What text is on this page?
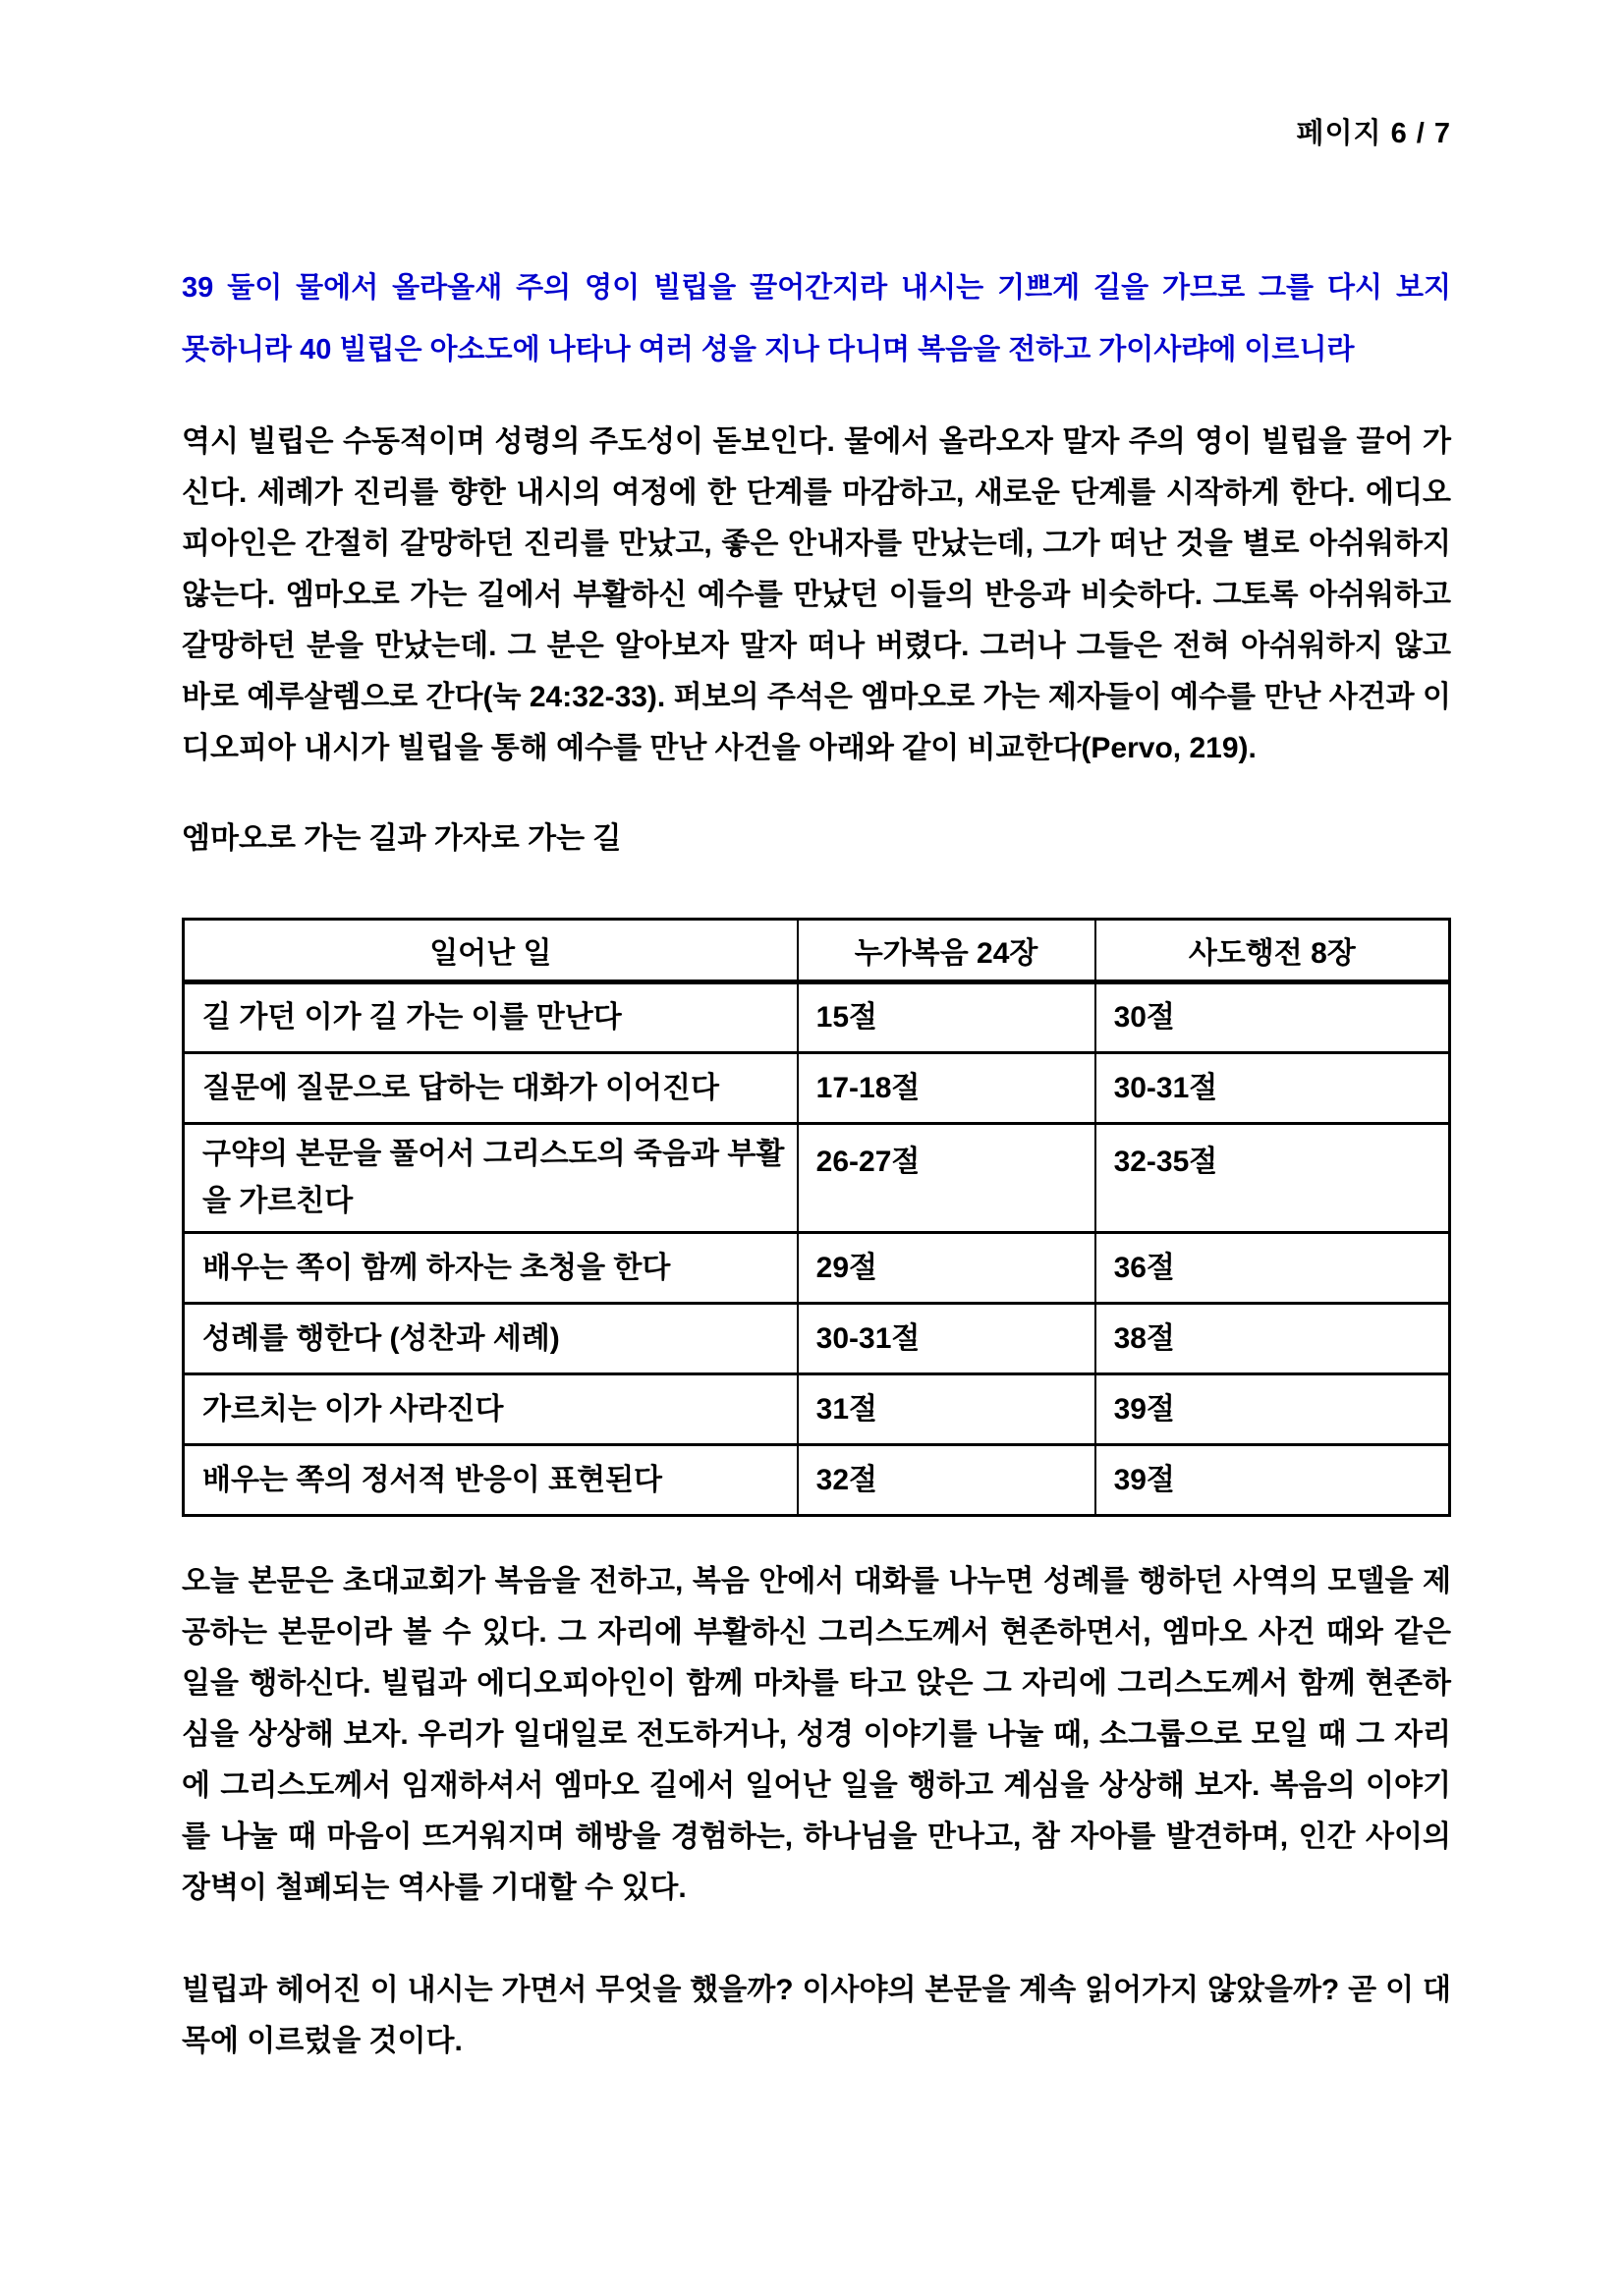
페이지 6 / 7

39 둘이 물에서 올라올새 주의 영이 빌립을 끌어간지라 내시는 기쁘게 길을 가므로 그를 다시 보지 못하니라 40 빌립은 아소도에 나타나 여러 성을 지나 다니며 복음을 전하고 가이사랴에 이르니라

역시 빌립은 수동적이며 성령의 주도성이 돋보인다. 물에서 올라오자 말자 주의 영이 빌립을 끌어 가신다. 세례가 진리를 향한 내시의 여정에 한 단계를 마감하고, 새로운 단계를 시작하게 한다. 에디오피아인은 간절히 갈망하던 진리를 만났고, 좋은 안내자를 만났는데, 그가 떠난 것을 별로 아쉬워하지 않는다. 엠마오로 가는 길에서 부활하신 예수를 만났던 이들의 반응과 비슷하다. 그토록 아쉬워하고 갈망하던 분을 만났는데. 그 분은 알아보자 말자 떠나 버렸다. 그러나 그들은 전혀 아쉬워하지 않고 바로 예루살렘으로 간다(눅 24:32-33). 퍼보의 주석은 엠마오로 가는 제자들이 예수를 만난 사건과 이디오피아 내시가 빌립을 통해 예수를 만난 사건을 아래와 같이 비교한다(Pervo, 219).

엠마오로 가는 길과 가자로 가는 길

일어난 일	누가복음 24장	사도행전 8장
길 가던 이가 길 가는 이를 만난다	15절	30절
질문에 질문으로 답하는 대화가 이어진다	17-18절	30-31절
구약의 본문을 풀어서 그리스도의 죽음과 부활을 가르친다	26-27절	32-35절
배우는 쪽이 함께 하자는 초청을 한다	29절	36절
성례를 행한다 (성찬과 세례)	30-31절	38절
가르치는 이가 사라진다	31절	39절
배우는 쪽의 정서적 반응이 표현된다	32절	39절

오늘 본문은 초대교회가 복음을 전하고, 복음 안에서 대화를 나누면 성례를 행하던 사역의 모델을 제공하는 본문이라 볼 수 있다. 그 자리에 부활하신 그리스도께서 현존하면서, 엠마오 사건 때와 같은 일을 행하신다. 빌립과 에디오피아인이 함께 마차를 타고 앉은 그 자리에 그리스도께서 함께 현존하심을 상상해 보자. 우리가 일대일로 전도하거나, 성경 이야기를 나눌 때, 소그룹으로 모일 때 그 자리에 그리스도께서 임재하셔서 엠마오 길에서 일어난 일을 행하고 계심을 상상해 보자. 복음의 이야기를 나눌 때 마음이 뜨거워지며 해방을 경험하는, 하나님을 만나고, 참 자아를 발견하며, 인간 사이의 장벽이 철폐되는 역사를 기대할 수 있다.

빌립과 헤어진 이 내시는 가면서 무엇을 했을까? 이사야의 본문을 계속 읽어가지 않았을까? 곧 이 대목에 이르렀을 것이다.
